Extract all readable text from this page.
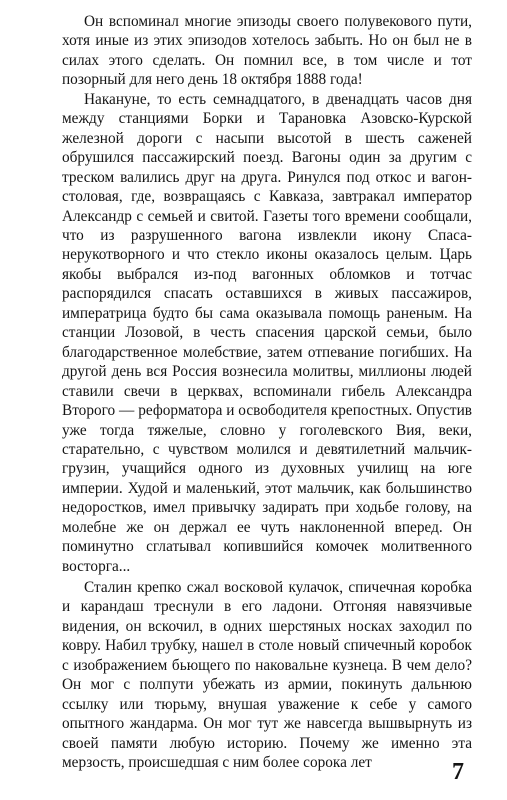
Он вспоминал многие эпизоды своего полувекового пути, хотя иные из этих эпизодов хотелось забыть. Но он был не в силах этого сделать. Он помнил все, в том числе и тот позорный для него день 18 октября 1888 года!

Накануне, то есть семнадцатого, в двенадцать часов дня между станциями Борки и Тарановка Азовско-Курской железной дороги с насыпи высотой в шесть саженей обрушился пассажирский поезд. Вагоны один за другим с треском валились друг на друга. Ринулся под откос и вагон-столовая, где, возвращаясь с Кавказа, завтракал император Александр с семьей и свитой. Газеты того времени сообщали, что из разрушенного вагона извлекли икону Спаса-нерукотворного и что стекло иконы оказалось целым. Царь якобы выбрался из-под вагонных обломков и тотчас распорядился спасать оставшихся в живых пассажиров, императрица будто бы сама оказывала помощь раненым. На станции Лозовой, в честь спасения царской семьи, было благодарственное молебствие, затем отпевание погибших. На другой день вся Россия вознесила молитвы, миллионы людей ставили свечи в церквах, вспоминали гибель Александра Второго — реформатора и освободителя крепостных. Опустив уже тогда тяжелые, словно у гоголевского Вия, веки, старательно, с чувством молился и девятилетний мальчик-грузин, учащийся одного из духовных училищ на юге империи. Худой и маленький, этот мальчик, как большинство недоростков, имел привычку задирать при ходьбе голову, на молебне же он держал ее чуть наклоненной вперед. Он поминутно сглатывал копившийся комочек молитвенного восторга...

Сталин крепко сжал восковой кулачок, спичечная коробка и карандаш треснули в его ладони. Отгоняя навязчивые видения, он вскочил, в одних шерстяных носках заходил по ковру. Набил трубку, нашел в столе новый спичечный коробок с изображением бьющего по наковальне кузнеца. В чем дело? Он мог с полпути убежать из армии, покинуть дальнюю ссылку или тюрьму, внушая уважение к себе у самого опытного жандарма. Он мог тут же навсегда вышвырнуть из своей памяти любую историю. Почему же именно эта мерзость, происшедшая с ним более сорока лет	7
